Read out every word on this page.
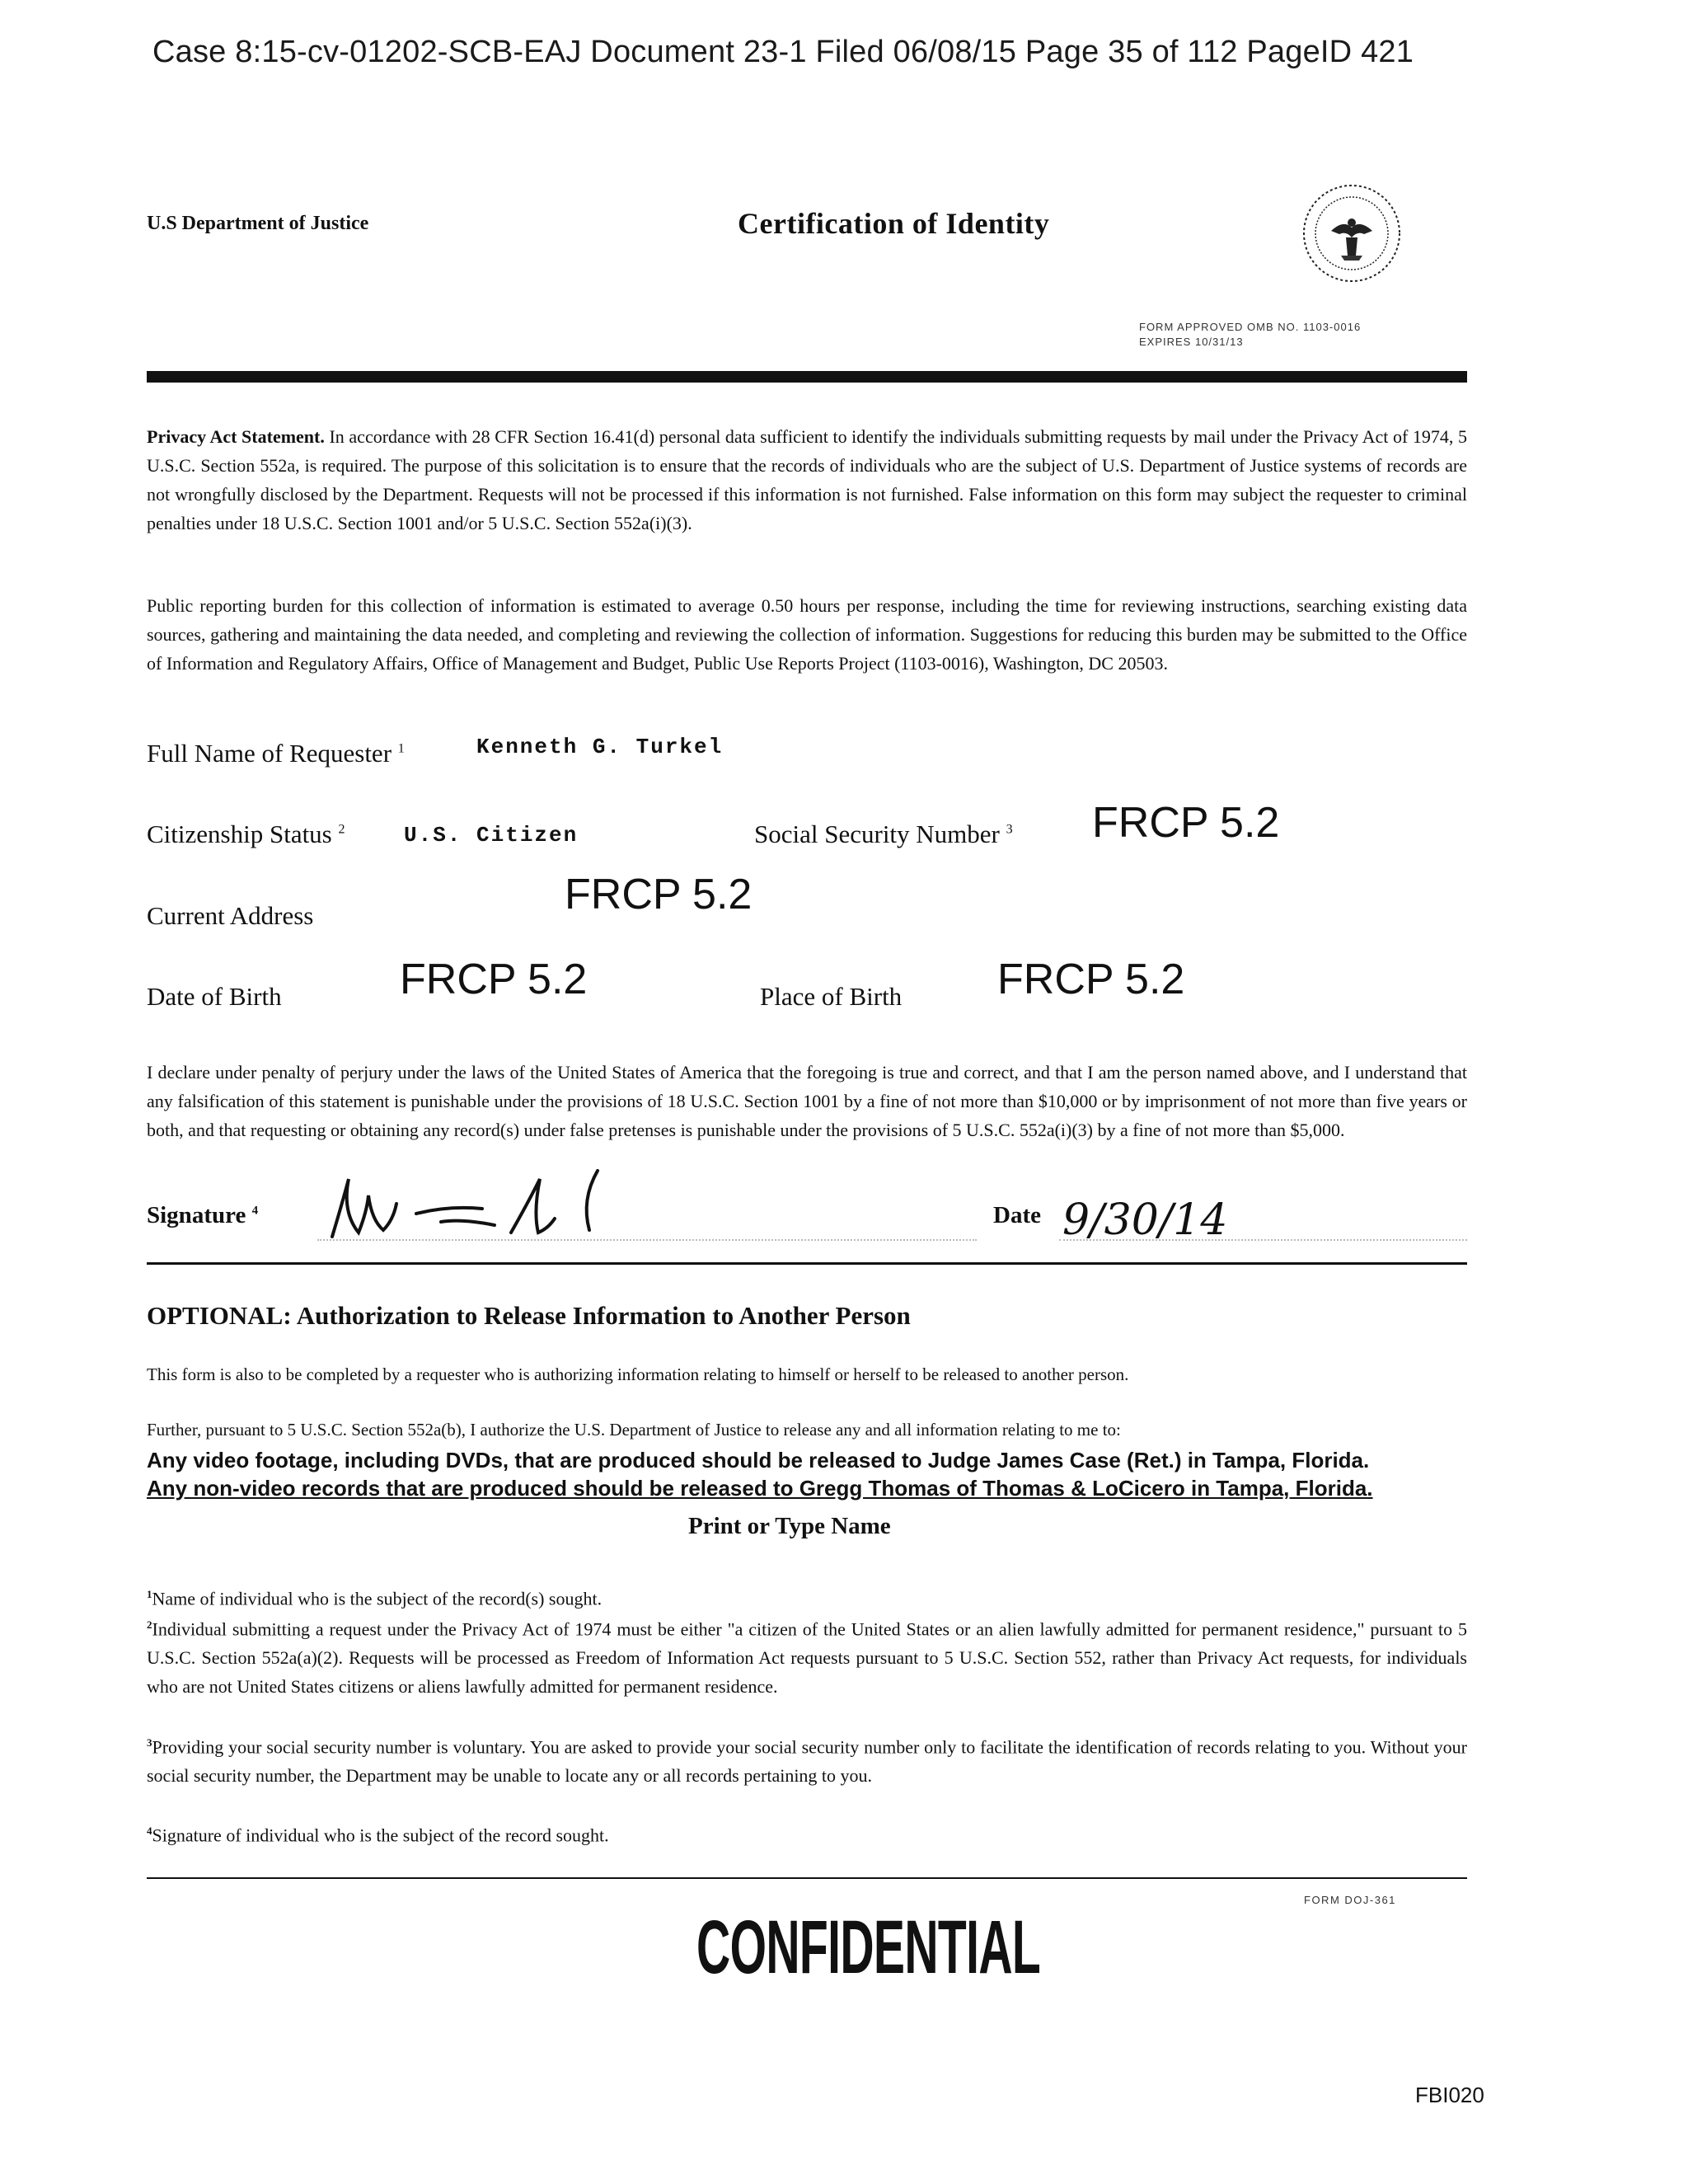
Case 8:15-cv-01202-SCB-EAJ Document 23-1 Filed 06/08/15 Page 35 of 112 PageID 421
U.S Department of Justice	Certification of Identity
FORM APPROVED OMB NO. 1103-0016
EXPIRES 10/31/13
Privacy Act Statement. In accordance with 28 CFR Section 16.41(d) personal data sufficient to identify the individuals submitting requests by mail under the Privacy Act of 1974, 5 U.S.C. Section 552a, is required. The purpose of this solicitation is to ensure that the records of individuals who are the subject of U.S. Department of Justice systems of records are not wrongfully disclosed by the Department. Requests will not be processed if this information is not furnished. False information on this form may subject the requester to criminal penalties under 18 U.S.C. Section 1001 and/or 5 U.S.C. Section 552a(i)(3).
Public reporting burden for this collection of information is estimated to average 0.50 hours per response, including the time for reviewing instructions, searching existing data sources, gathering and maintaining the data needed, and completing and reviewing the collection of information. Suggestions for reducing this burden may be submitted to the Office of Information and Regulatory Affairs, Office of Management and Budget, Public Use Reports Project (1103-0016), Washington, DC 20503.
Full Name of Requester $^1$	Kenneth G. Turkel
Citizenship Status $^2$	U.S. Citizen	Social Security Number $^3$ FRCP 5.2
Current Address	FRCP 5.2
Date of Birth	FRCP 5.2	Place of Birth FRCP 5.2
I declare under penalty of perjury under the laws of the United States of America that the foregoing is true and correct, and that I am the person named above, and I understand that any falsification of this statement is punishable under the provisions of 18 U.S.C. Section 1001 by a fine of not more than $10,000 or by imprisonment of not more than five years or both, and that requesting or obtaining any record(s) under false pretenses is punishable under the provisions of 5 U.S.C. 552a(i)(3) by a fine of not more than $5,000.
Signature $^4$	Date 9/30/14
OPTIONAL: Authorization to Release Information to Another Person
This form is also to be completed by a requester who is authorizing information relating to himself or herself to be released to another person.
Further, pursuant to 5 U.S.C. Section 552a(b), I authorize the U.S. Department of Justice to release any and all information relating to me to:
Any video footage, including DVDs, that are produced should be released to Judge James Case (Ret.) in Tampa, Florida.
Any non-video records that are produced should be released to Gregg Thomas of Thomas & LoCicero in Tampa, Florida.
Print or Type Name
$^1$Name of individual who is the subject of the record(s) sought.
$^2$Individual submitting a request under the Privacy Act of 1974 must be either "a citizen of the United States or an alien lawfully admitted for permanent residence," pursuant to 5 U.S.C. Section 552a(a)(2). Requests will be processed as Freedom of Information Act requests pursuant to 5 U.S.C. Section 552, rather than Privacy Act requests, for individuals who are not United States citizens or aliens lawfully admitted for permanent residence.
$^3$Providing your social security number is voluntary. You are asked to provide your social security number only to facilitate the identification of records relating to you. Without your social security number, the Department may be unable to locate any or all records pertaining to you.
$^4$Signature of individual who is the subject of the record sought.
FORM DOJ-361
CONFIDENTIAL
FBI020
